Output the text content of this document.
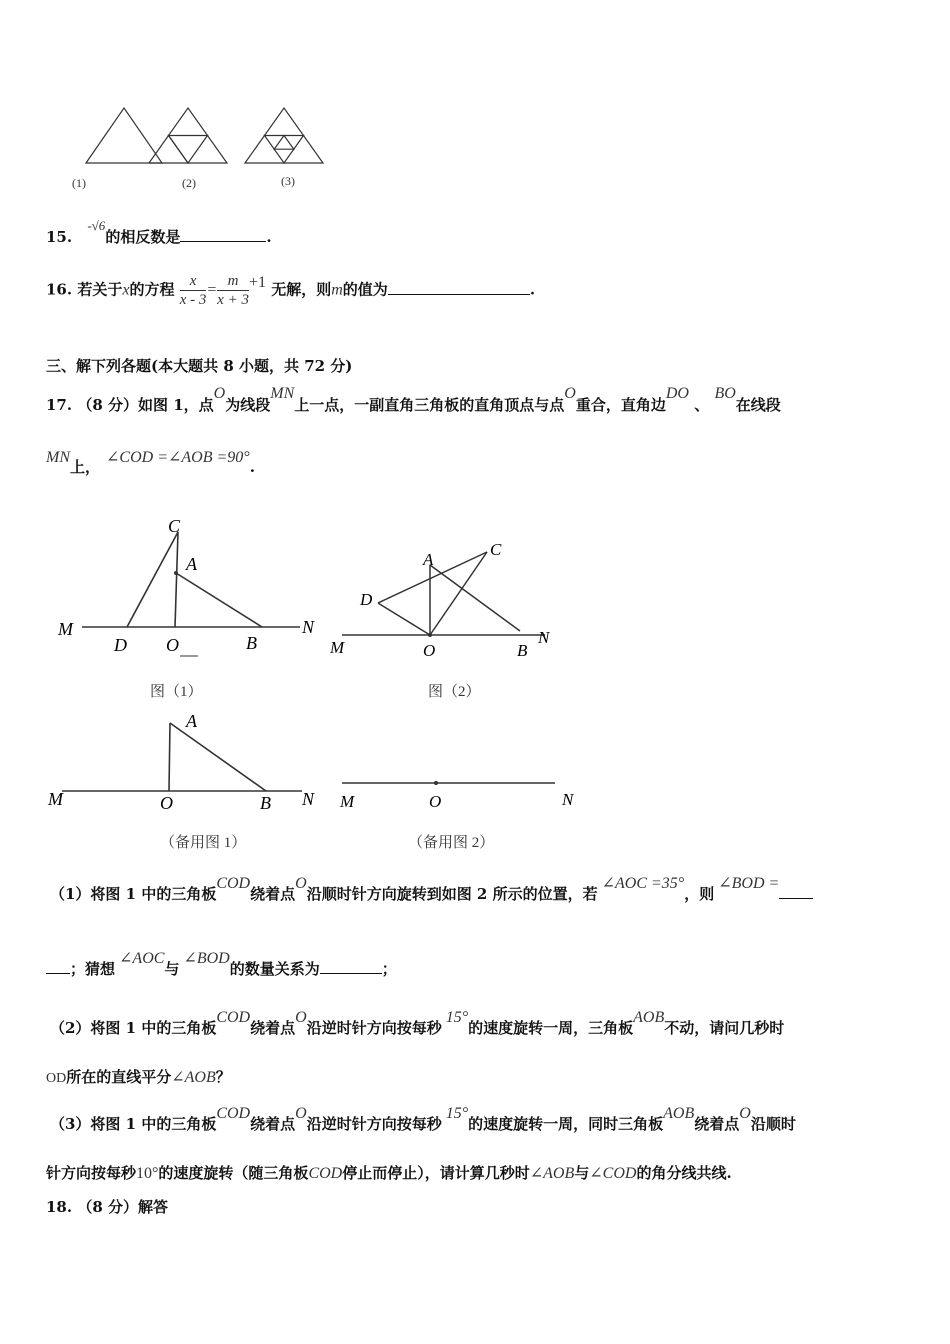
(1)	(2)	(3)
15. -√6的相反数是	.
16. 若关于x的方程 $\frac{x}{x - 3} = \frac{m}{x + 3} +1$ 无解，则m的值为	.
三、解下列各题(本大题共 8 小题，共 72 分)
17. （8 分）如图 1，点O为线段MN上一点，一副直角三角板的直角顶点与点O重合，直角边DO 、 BO在线段
MN上，∠COD =∠AOB =90°.
M	N
D O	B
C
A
图（1）
M
N
D
O	B
C
A
图（2）
M	N
O	B
A
（备用图 1）
M	N
O
（备用图 2）
（1）将图 1 中的三角板COD绕着点O沿顺时针方向旋转到如图 2 所示的位置，若∠AOC =35°，则∠BOD =
；猜想∠AOC与∠BOD的数量关系为	；
（2）将图 1 中的三角板COD绕着点O沿逆时针方向按每秒15°的速度旋转一周，三角板AOB不动，请问几秒时
OD所在的直线平分∠AOB？
（3）将图 1 中的三角板COD绕着点O沿逆时针方向按每秒15°的速度旋转一周，同时三角板AOB绕着点O沿顺时
针方向按每秒10°的速度旋转（随三角板COD停止而停止），请计算几秒时∠AOB与∠COD的角分线共线.
18. （8 分）解答
